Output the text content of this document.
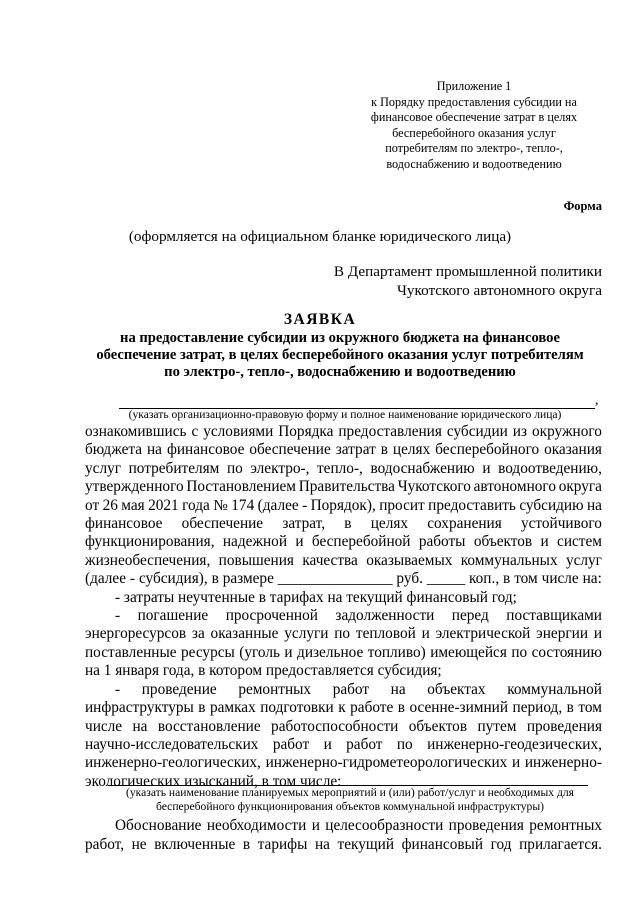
Приложение 1
к Порядку предоставления субсидии на
финансовое обеспечение затрат в целях
бесперебойного оказания услуг
потребителям по электро-, тепло-,
водоснабжению и водоотведению
Форма
(оформляется на официальном бланке юридического лица)
В Департамент промышленной политики
Чукотского автономного округа
ЗАЯВКА
на предоставление субсидии из окружного бюджета на финансовое
обеспечение затрат, в целях бесперебойного оказания услуг потребителям
по электро-, тепло-, водоснабжению и водоотведению
,
(указать организационно-правовую форму и полное наименование юридического лица)
ознакомившись с условиями Порядка предоставления субсидии из окружного
бюджета на финансовое обеспечение затрат в целях бесперебойного оказания
услуг потребителям по электро-, тепло-, водоснабжению и водоотведению,
утвержденного Постановлением Правительства Чукотского автономного округа
от 26 мая 2021 года № 174 (далее - Порядок), просит предоставить субсидию на
финансовое обеспечение затрат, в целях сохранения устойчивого
функционирования, надежной и бесперебойной работы объектов и систем
жизнеобеспечения, повышения качества оказываемых коммунальных услуг
(далее - субсидия), в размере _______________ руб. _____ коп., в том числе на:
- затраты неучтенные в тарифах на текущий финансовый год;
- погашение просроченной задолженности перед поставщиками
энергоресурсов за оказанные услуги по тепловой и электрической энергии и
поставленные ресурсы (уголь и дизельное топливо) имеющейся по состоянию
на 1 января года, в котором предоставляется субсидия;
- проведение ремонтных работ на объектах коммунальной
инфраструктуры в рамках подготовки к работе в осенне-зимний период, в том
числе на восстановление работоспособности объектов путем проведения
научно-исследовательских работ и работ по инженерно-геодезических,
инженерно-геологических, инженерно-гидрометеорологических и инженерно-
экологических изысканий, в том числе:
(указать наименование планируемых мероприятий и (или) работ/услуг и необходимых для
бесперебойного функционирования объектов коммунальной инфраструктуры)
Обоснование необходимости и целесообразности проведения ремонтных
работ, не включенные в тарифы на текущий финансовый год прилагается.
